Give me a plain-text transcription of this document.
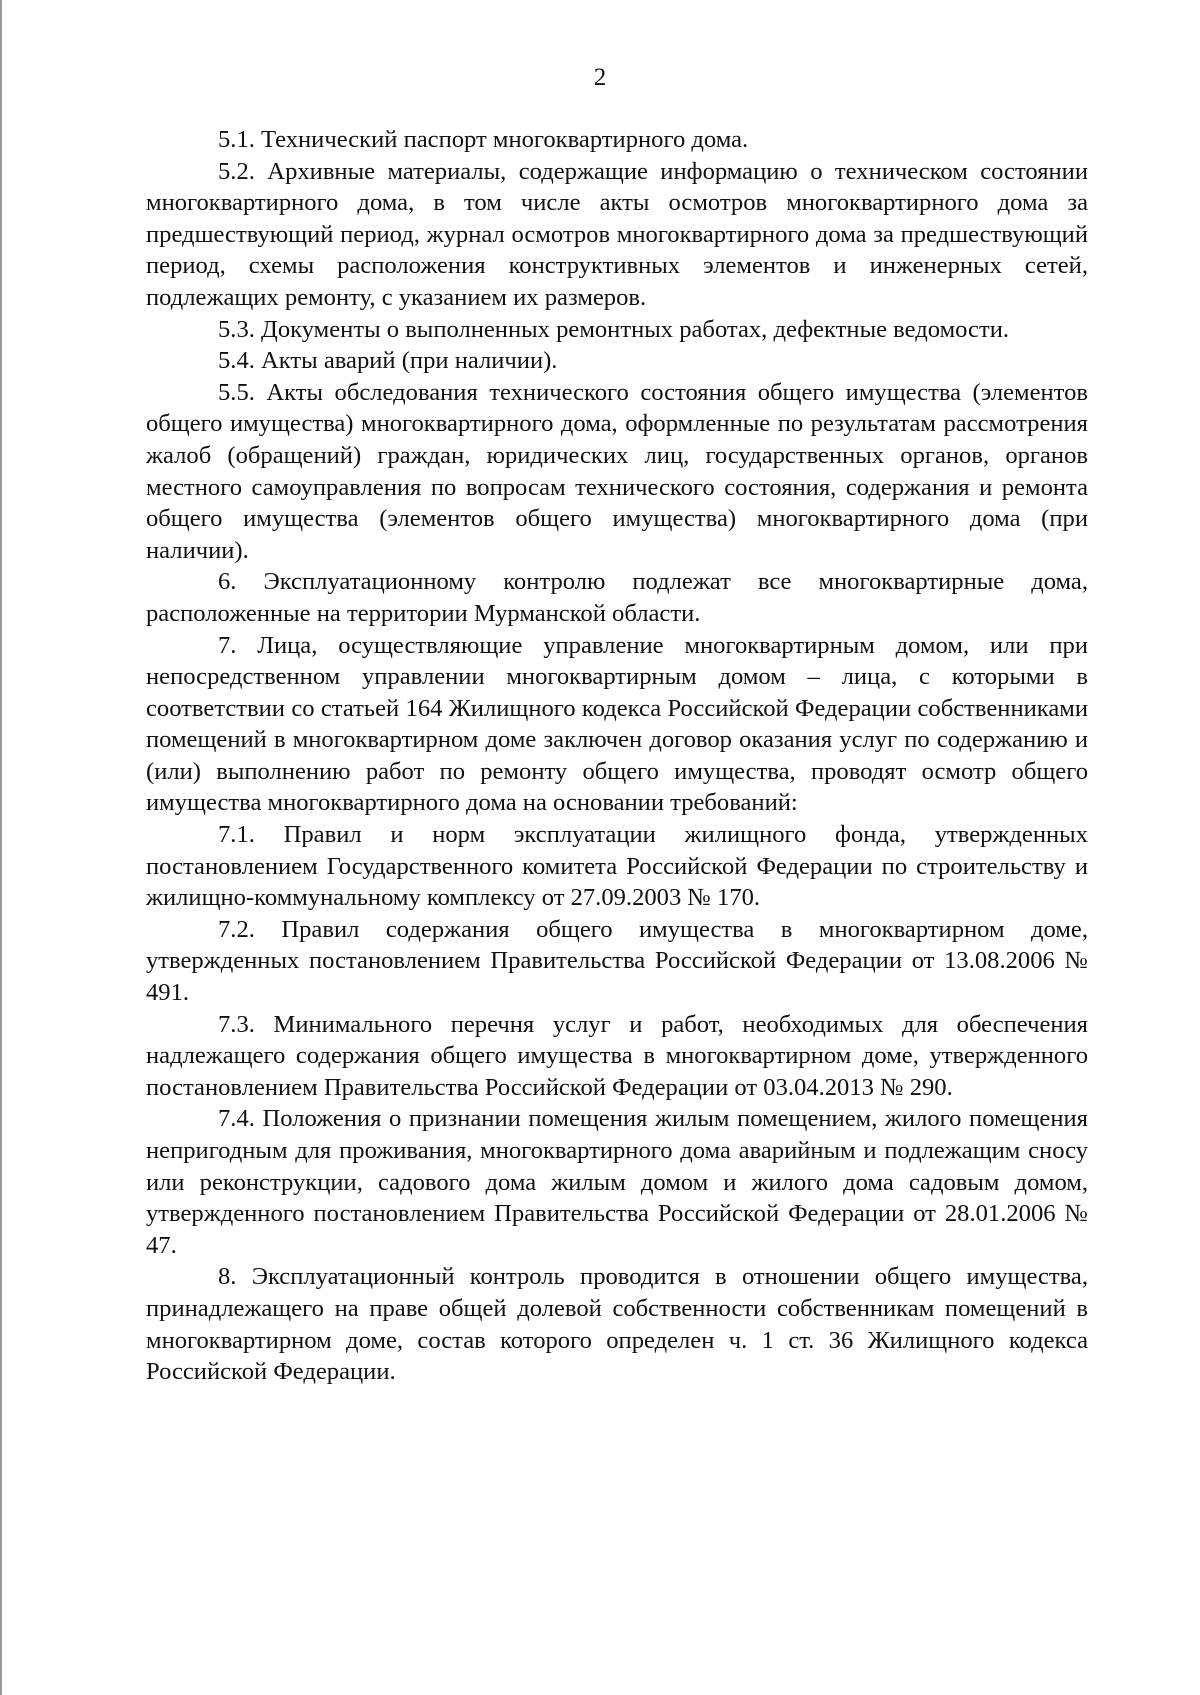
2

5.1. Технический паспорт многоквартирного дома.

5.2. Архивные материалы, содержащие информацию о техническом состоянии многоквартирного дома, в том числе акты осмотров многоквартирного дома за предшествующий период, журнал осмотров многоквартирного дома за предшествующий период, схемы расположения конструктивных элементов и инженерных сетей, подлежащих ремонту, с указанием их размеров.

5.3. Документы о выполненных ремонтных работах, дефектные ведомости.

5.4. Акты аварий (при наличии).

5.5. Акты обследования технического состояния общего имущества (элементов общего имущества) многоквартирного дома, оформленные по результатам рассмотрения жалоб (обращений) граждан, юридических лиц, государственных органов, органов местного самоуправления по вопросам технического состояния, содержания и ремонта общего имущества (элементов общего имущества) многоквартирного дома (при наличии).

6. Эксплуатационному контролю подлежат все многоквартирные дома, расположенные на территории Мурманской области.

7. Лица, осуществляющие управление многоквартирным домом, или при непосредственном управлении многоквартирным домом – лица, с которыми в соответствии со статьей 164 Жилищного кодекса Российской Федерации собственниками помещений в многоквартирном доме заключен договор оказания услуг по содержанию и (или) выполнению работ по ремонту общего имущества, проводят осмотр общего имущества многоквартирного дома на основании требований:

7.1. Правил и норм эксплуатации жилищного фонда, утвержденных постановлением Государственного комитета Российской Федерации по строительству и жилищно-коммунальному комплексу от 27.09.2003 № 170.

7.2. Правил содержания общего имущества в многоквартирном доме, утвержденных постановлением Правительства Российской Федерации от 13.08.2006 № 491.

7.3. Минимального перечня услуг и работ, необходимых для обеспечения надлежащего содержания общего имущества в многоквартирном доме, утвержденного постановлением Правительства Российской Федерации от 03.04.2013 № 290.

7.4. Положения о признании помещения жилым помещением, жилого помещения непригодным для проживания, многоквартирного дома аварийным и подлежащим сносу или реконструкции, садового дома жилым домом и жилого дома садовым домом, утвержденного постановлением Правительства Российской Федерации от 28.01.2006 № 47.

8. Эксплуатационный контроль проводится в отношении общего имущества, принадлежащего на праве общей долевой собственности собственникам помещений в многоквартирном доме, состав которого определен ч. 1 ст. 36 Жилищного кодекса Российской Федерации.
